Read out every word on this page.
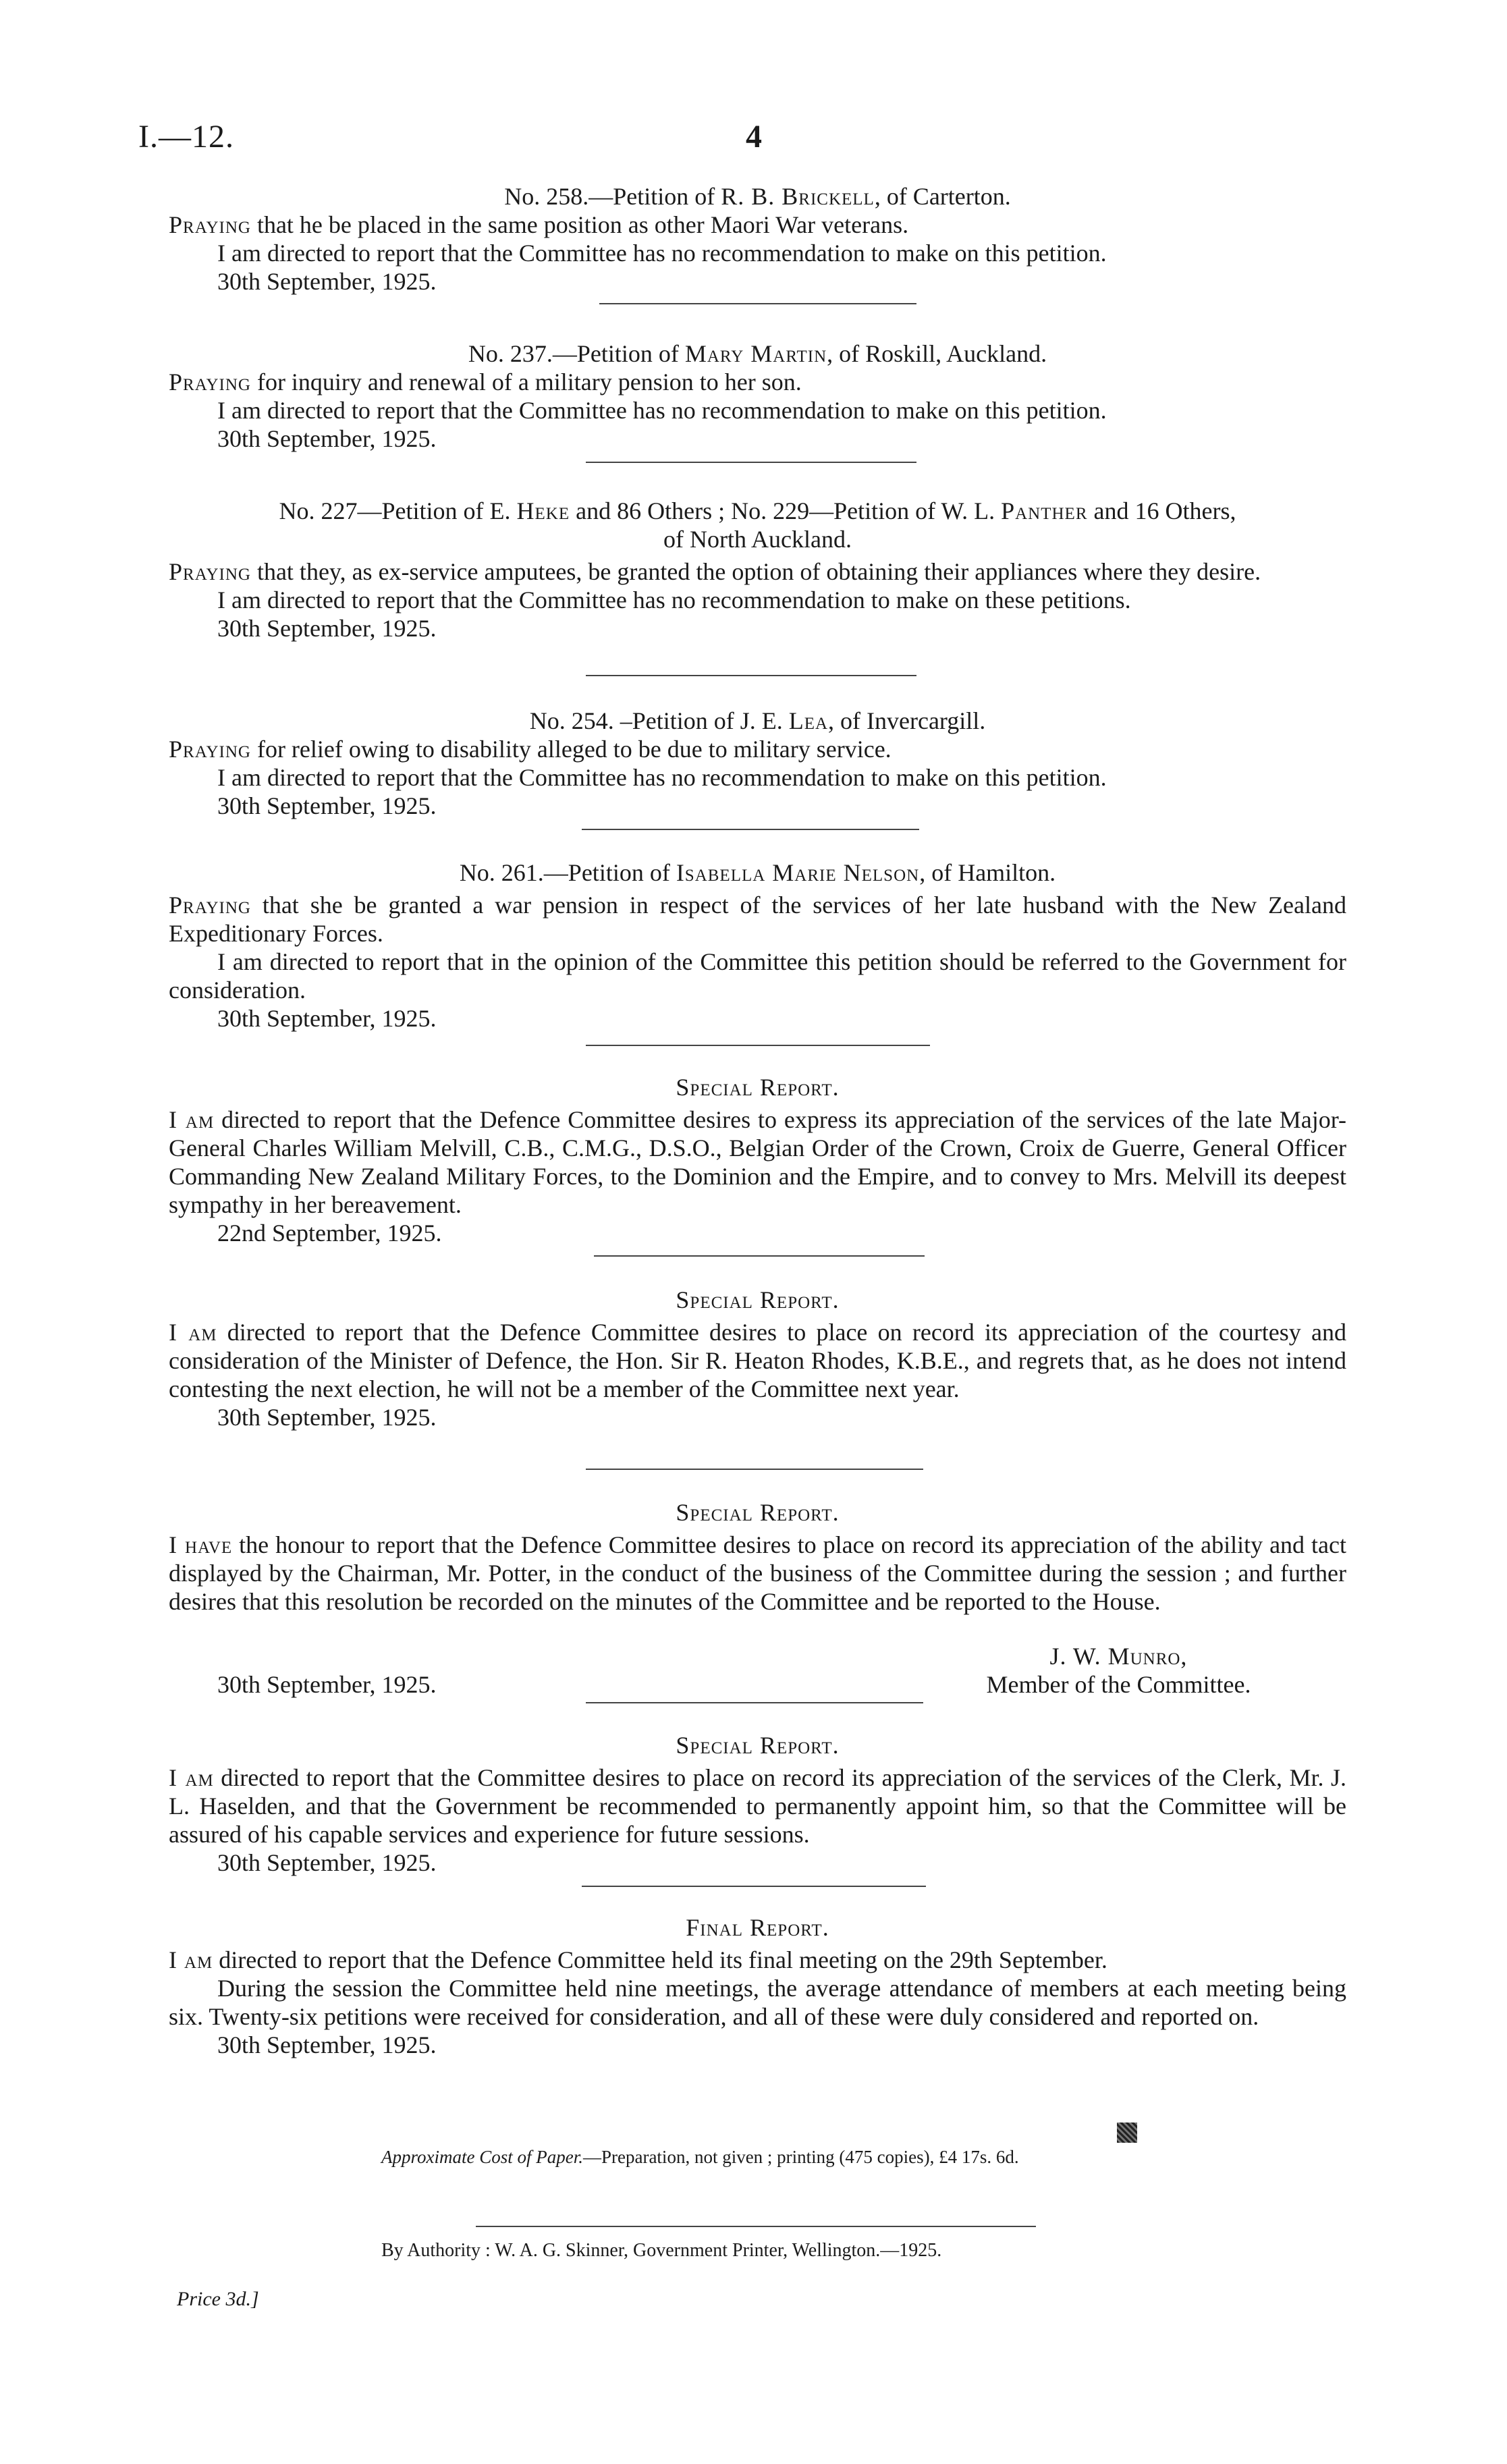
I.—12.	4
No. 258.—Petition of R. B. Brickell, of Carterton.

Praying that he be placed in the same position as other Maori War veterans.

I am directed to report that the Committee has no recommendation to make on this petition.

30th September, 1925.
No. 237.—Petition of Mary Martin, of Roskill, Auckland.

Praying for inquiry and renewal of a military pension to her son.

I am directed to report that the Committee has no recommendation to make on this petition.

30th September, 1925.
No. 227—Petition of E. Heke and 86 Others ; No. 229—Petition of W. L. Panther and 16 Others,
of North Auckland.

Praying that they, as ex-service amputees, be granted the option of obtaining their appliances where they desire.

I am directed to report that the Committee has no recommendation to make on these petitions.

30th September, 1925.
No. 254. –Petition of J. E. Lea, of Invercargill.

Praying for relief owing to disability alleged to be due to military service.

I am directed to report that the Committee has no recommendation to make on this petition.

30th September, 1925.
No. 261.—Petition of Isabella Marie Nelson, of Hamilton.

Praying that she be granted a war pension in respect of the services of her late husband with the New Zealand Expeditionary Forces.

I am directed to report that in the opinion of the Committee this petition should be referred to the Government for consideration.

30th September, 1925.
Special Report.

I am directed to report that the Defence Committee desires to express its appreciation of the services of the late Major-General Charles William Melvill, C.B., C.M.G., D.S.O., Belgian Order of the Crown, Croix de Guerre, General Officer Commanding New Zealand Military Forces, to the Dominion and the Empire, and to convey to Mrs. Melvill its deepest sympathy in her bereavement.

22nd September, 1925.
Special Report.

I am directed to report that the Defence Committee desires to place on record its appreciation of the courtesy and consideration of the Minister of Defence, the Hon. Sir R. Heaton Rhodes, K.B.E., and regrets that, as he does not intend contesting the next election, he will not be a member of the Committee next year.

30th September, 1925.
Special Report.

I have the honour to report that the Defence Committee desires to place on record its appreciation of the ability and tact displayed by the Chairman, Mr. Potter, in the conduct of the business of the Committee during the session ; and further desires that this resolution be recorded on the minutes of the Committee and be reported to the House.

J. W. Munro,
Member of the Committee.
30th September, 1925.
Special Report.

I am directed to report that the Committee desires to place on record its appreciation of the services of the Clerk, Mr. J. L. Haselden, and that the Government be recommended to permanently appoint him, so that the Committee will be assured of his capable services and experience for future sessions.

30th September, 1925.
Final Report.

I am directed to report that the Defence Committee held its final meeting on the 29th September.

During the session the Committee held nine meetings, the average attendance of members at each meeting being six. Twenty-six petitions were received for consideration, and all of these were duly considered and reported on.

30th September, 1925.
Approximate Cost of Paper.—Preparation, not given ; printing (475 copies), £4 17s. 6d.
By Authority : W. A. G. Skinner, Government Printer, Wellington.—1925.
Price 3d.]
